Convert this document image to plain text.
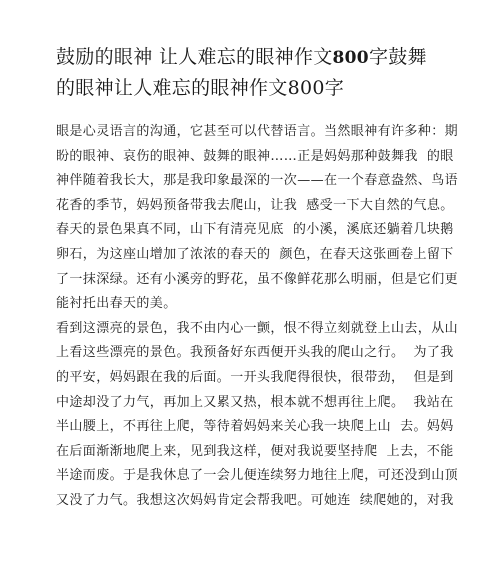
鼓励的眼神 让人难忘的眼神作文800字鼓舞
的眼神让人难忘的眼神作文800字

眼是心灵语言的沟通，它甚至可以代替语言。当然眼神有许多种：期
盼的眼神、哀伤的眼神、鼓舞的眼神……正是妈妈那种鼓舞我  的眼
神伴随着我长大，那是我印象最深的一次——在一个春意盎然、鸟语
花香的季节，妈妈预备带我去爬山，让我  感受一下大自然的气息。
春天的景色果真不同，山下有清亮见底  的小溪，溪底还躺着几块鹅
卵石，为这座山增加了浓浓的春天的  颜色，在春天这张画卷上留下
了一抹深绿。还有小溪旁的野花，虽不像鲜花那么明丽，但是它们更
能衬托出春天的美。

看到这漂亮的景色，我不由内心一颤，恨不得立刻就登上山去，从山
上看这些漂亮的景色。我预备好东西便开头我的爬山之行。  为了我
的平安，妈妈跟在我的后面。一开头我爬得很快，很带劲，  但是到
中途却没了力气，再加上又累又热，根本就不想再往上爬。  我站在
半山腰上，不再往上爬，等待着妈妈来关心我一块爬上山  去。妈妈
在后面渐渐地爬上来，见到我这样，便对我说要坚持爬  上去，不能
半途而废。于是我休息了一会儿便连续努力地往上爬，可还没到山顶
又没了力气。我想这次妈妈肯定会帮我吧。可她连  续爬她的，对我
